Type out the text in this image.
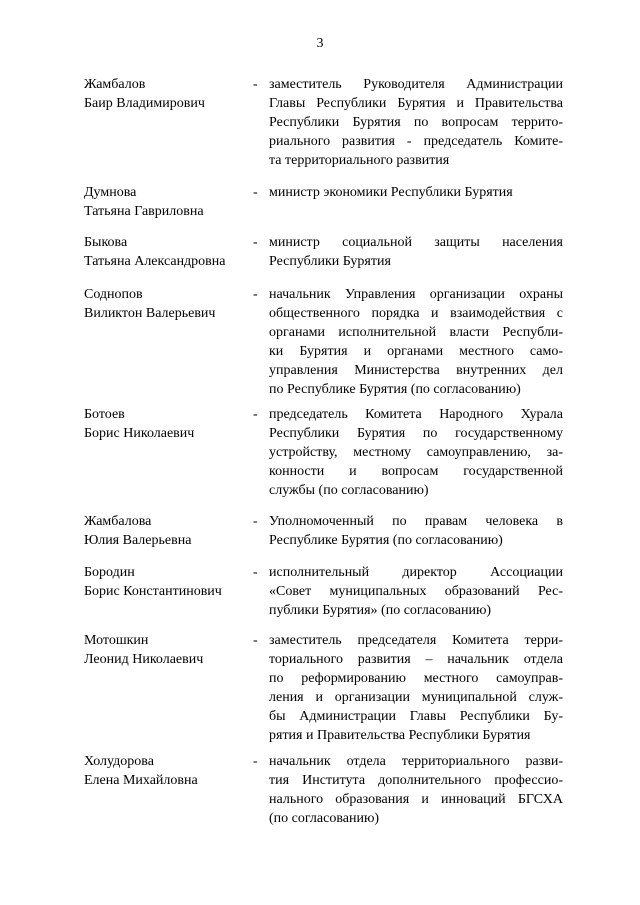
3
Жамбалов
Баир Владимирович
- заместитель Руководителя Администрации
Главы Республики Бурятия и Правительства
Республики Бурятия по вопросам террито-
риального развития - председатель Комите-
та территориального развития
Думнова
Татьяна Гавриловна
- министр экономики Республики Бурятия
Быкова
Татьяна Александровна
- министр социальной защиты населения
Республики Бурятия
Соднопов
Виликтон Валерьевич
- начальник Управления организации охраны
общественного порядка и взаимодействия с
органами исполнительной власти Республи-
ки Бурятия и органами местного само-
управления Министерства внутренних дел
по Республике Бурятия (по согласованию)
Ботоев
Борис Николаевич
- председатель Комитета Народного Хурала
Республики Бурятия по государственному
устройству, местному самоуправлению, за-
конности и вопросам государственной
службы (по согласованию)
Жамбалова
Юлия Валерьевна
- Уполномоченный по правам человека в
Республике Бурятия (по согласованию)
Бородин
Борис Константинович
- исполнительный директор Ассоциации
«Совет муниципальных образований Рес-
публики Бурятия» (по согласованию)
Мотошкин
Леонид Николаевич
- заместитель председателя Комитета терри-
ториального развития – начальник отдела
по реформированию местного самоуправ-
ления и организации муниципальной служ-
бы Администрации Главы Республики Бу-
рятия и Правительства Республики Бурятия
Холудорова
Елена Михайловна
- начальник отдела территориального разви-
тия Института дополнительного профессио-
нального образования и инноваций БГСХА
(по согласованию)
